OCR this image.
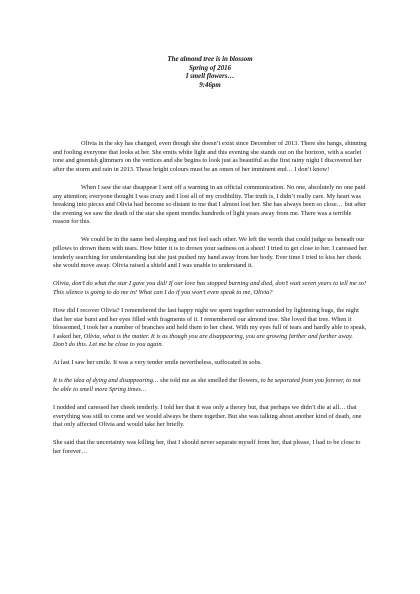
The almond tree is in blossom
Spring of 2016
I smell flowers…
9:46pm

Olivia in the sky has changed, even though she doesn’t exist since December of 2013. There she hangs, shinning and fooling everyone that looks at her. She emits white light and this evening she stands out on the horizon, with a scarlet tone and greenish glimmers on the vertices and she begins to look just as beautiful as the first rainy night I discovered her after the storm and rain in 2013. Those bright colours must be an omen of her imminent end… I don’t know!

When I saw the star disappear I sent off a warning in an official communication. No one, absolutely no one paid any attention; everyone thought I was crazy and I lost all of my credibility. The truth is, I didn’t really care. My heart was breaking into pieces and Olivia had become so distant to me that I almost lost her. She has always been so close… but after the evening we saw the death of the star she spent months hundreds of light years away from me. There was a terrible reason for this.

We could be in the same bed sleeping and not feel each other. We left the words that could judge us beneath our pillows to drown them with tears. How bitter it is to drown your sadness on a sheet! I tried to get close to her. I caressed her tenderly searching for understanding but she just pushed my hand away from her body. Ever time I tried to kiss her cheek she would move away. Olivia raised a shield and I was unable to understand it.

Olivia, don’t do what the star I gave you did! If our love has stopped burning and died, don’t wait seven years to tell me so! This silence is going to do me in! What can I do if you won’t even speak to me, Olivia?

How did I recover Olivia? I remembered the last happy night we spent together surrounded by lightening bugs, the night that her star burst and her eyes filled with fragments of it. I remembered our almond tree. She loved that tree. When it blossomed, I took her a number of branches and held them to her chest. With my eyes full of tears and hardly able to speak, I asked her, Olivia, what is the matter. It is as though you are disappearing, you are growing farther and farther away. Don’t do this. Let me be close to you again.

At last I saw her smile. It was a very tender smile nevertheless, suffocated in sobs.

It is the idea of dying and disappearing… she told me as she smelled the flowers, to be separated from you forever, to not be able to smell more Spring times…

I nodded and caressed her cheek tenderly. I told her that it was only a theory but, that perhaps we didn’t die at all… that everything was still to come and we would always be there together. But she was talking about another kind of death, one that only affected Olivia and would take her briefly.

She said that the uncertainty was killing her, that I should never separate myself from her, that please, I had to be close to her forever…
